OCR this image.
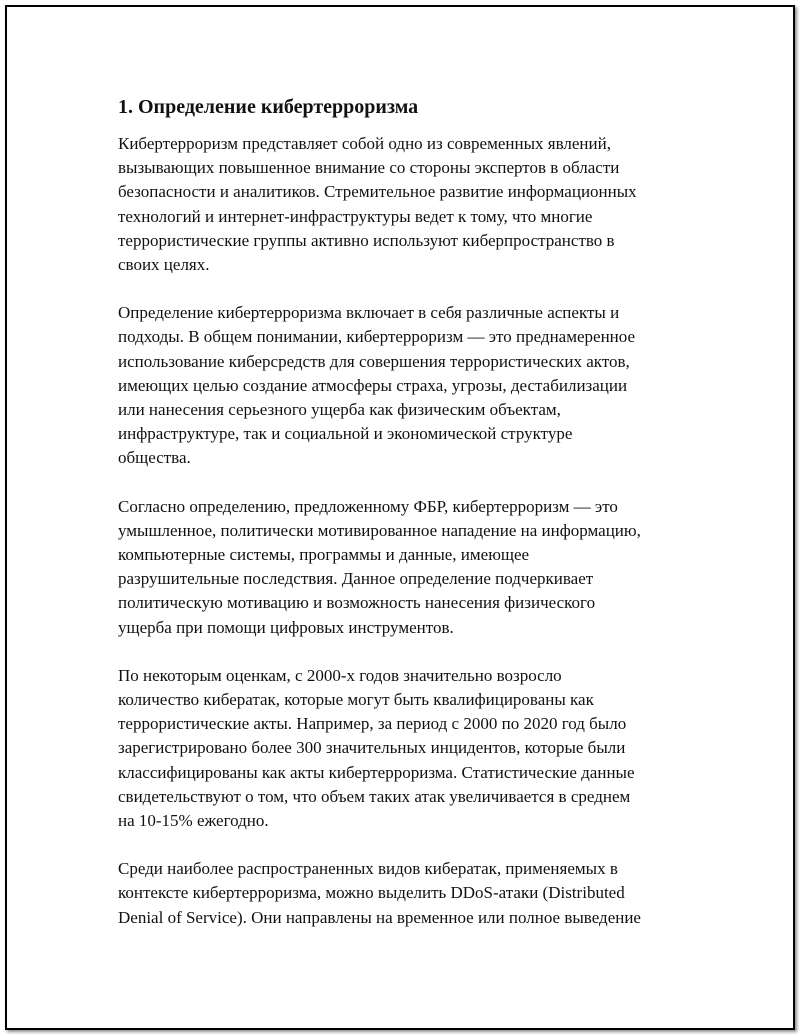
1. Определение кибертерроризма

Кибертерроризм представляет собой одно из современных явлений,
вызывающих повышенное внимание со стороны экспертов в области
безопасности и аналитиков. Стремительное развитие информационных
технологий и интернет-инфраструктуры ведет к тому, что многие
террористические группы активно используют киберпространство в
своих целях.

Определение кибертерроризма включает в себя различные аспекты и
подходы. В общем понимании, кибертерроризм — это преднамеренное
использование киберсредств для совершения террористических актов,
имеющих целью создание атмосферы страха, угрозы, дестабилизации
или нанесения серьезного ущерба как физическим объектам,
инфраструктуре, так и социальной и экономической структуре
общества.

Согласно определению, предложенному ФБР, кибертерроризм — это
умышленное, политически мотивированное нападение на информацию,
компьютерные системы, программы и данные, имеющее
разрушительные последствия. Данное определение подчеркивает
политическую мотивацию и возможность нанесения физического
ущерба при помощи цифровых инструментов.

По некоторым оценкам, с 2000-х годов значительно возросло
количество кибератак, которые могут быть квалифицированы как
террористические акты. Например, за период с 2000 по 2020 год было
зарегистрировано более 300 значительных инцидентов, которые были
классифицированы как акты кибертерроризма. Статистические данные
свидетельствуют о том, что объем таких атак увеличивается в среднем
на 10-15% ежегодно.

Среди наиболее распространенных видов кибератак, применяемых в
контексте кибертерроризма, можно выделить DDoS-атаки (Distributed
Denial of Service). Они направлены на временное или полное выведение
